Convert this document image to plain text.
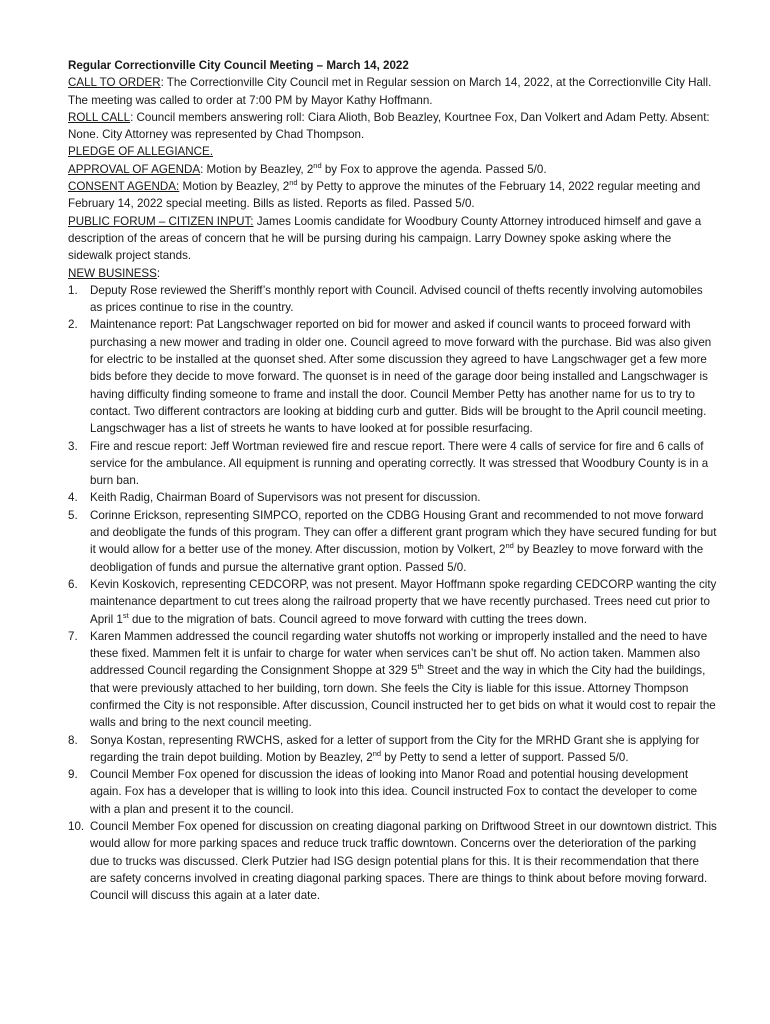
Regular Correctionville City Council Meeting – March 14, 2022

CALL TO ORDER: The Correctionville City Council met in Regular session on March 14, 2022, at the Correctionville City Hall. The meeting was called to order at 7:00 PM by Mayor Kathy Hoffmann.

ROLL CALL: Council members answering roll: Ciara Alioth, Bob Beazley, Kourtnee Fox, Dan Volkert and Adam Petty. Absent: None. City Attorney was represented by Chad Thompson.

PLEDGE OF ALLEGIANCE.

APPROVAL OF AGENDA: Motion by Beazley, 2nd by Fox to approve the agenda. Passed 5/0.

CONSENT AGENDA: Motion by Beazley, 2nd by Petty to approve the minutes of the February 14, 2022 regular meeting and February 14, 2022 special meeting. Bills as listed. Reports as filed. Passed 5/0.

PUBLIC FORUM – CITIZEN INPUT: James Loomis candidate for Woodbury County Attorney introduced himself and gave a description of the areas of concern that he will be pursing during his campaign. Larry Downey spoke asking where the sidewalk project stands.

NEW BUSINESS:

1. Deputy Rose reviewed the Sheriff’s monthly report with Council. Advised council of thefts recently involving automobiles as prices continue to rise in the country.
2. Maintenance report: Pat Langschwager reported on bid for mower and asked if council wants to proceed forward with purchasing a new mower and trading in older one. Council agreed to move forward with the purchase. Bid was also given for electric to be installed at the quonset shed. After some discussion they agreed to have Langschwager get a few more bids before they decide to move forward. The quonset is in need of the garage door being installed and Langschwager is having difficulty finding someone to frame and install the door. Council Member Petty has another name for us to try to contact. Two different contractors are looking at bidding curb and gutter. Bids will be brought to the April council meeting. Langschwager has a list of streets he wants to have looked at for possible resurfacing.
3. Fire and rescue report: Jeff Wortman reviewed fire and rescue report. There were 4 calls of service for fire and 6 calls of service for the ambulance. All equipment is running and operating correctly. It was stressed that Woodbury County is in a burn ban.
4. Keith Radig, Chairman Board of Supervisors was not present for discussion.
5. Corinne Erickson, representing SIMPCO, reported on the CDBG Housing Grant and recommended to not move forward and deobligate the funds of this program. They can offer a different grant program which they have secured funding for but it would allow for a better use of the money. After discussion, motion by Volkert, 2nd by Beazley to move forward with the deobligation of funds and pursue the alternative grant option. Passed 5/0.
6. Kevin Koskovich, representing CEDCORP, was not present. Mayor Hoffmann spoke regarding CEDCORP wanting the city maintenance department to cut trees along the railroad property that we have recently purchased. Trees need cut prior to April 1st due to the migration of bats. Council agreed to move forward with cutting the trees down.
7. Karen Mammen addressed the council regarding water shutoffs not working or improperly installed and the need to have these fixed. Mammen felt it is unfair to charge for water when services can’t be shut off. No action taken. Mammen also addressed Council regarding the Consignment Shoppe at 329 5th Street and the way in which the City had the buildings, that were previously attached to her building, torn down. She feels the City is liable for this issue. Attorney Thompson confirmed the City is not responsible. After discussion, Council instructed her to get bids on what it would cost to repair the walls and bring to the next council meeting.
8. Sonya Kostan, representing RWCHS, asked for a letter of support from the City for the MRHD Grant she is applying for regarding the train depot building. Motion by Beazley, 2nd by Petty to send a letter of support. Passed 5/0.
9. Council Member Fox opened for discussion the ideas of looking into Manor Road and potential housing development again. Fox has a developer that is willing to look into this idea. Council instructed Fox to contact the developer to come with a plan and present it to the council.
10. Council Member Fox opened for discussion on creating diagonal parking on Driftwood Street in our downtown district. This would allow for more parking spaces and reduce truck traffic downtown. Concerns over the deterioration of the parking due to trucks was discussed. Clerk Putzier had ISG design potential plans for this. It is their recommendation that there are safety concerns involved in creating diagonal parking spaces. There are things to think about before moving forward. Council will discuss this again at a later date.
